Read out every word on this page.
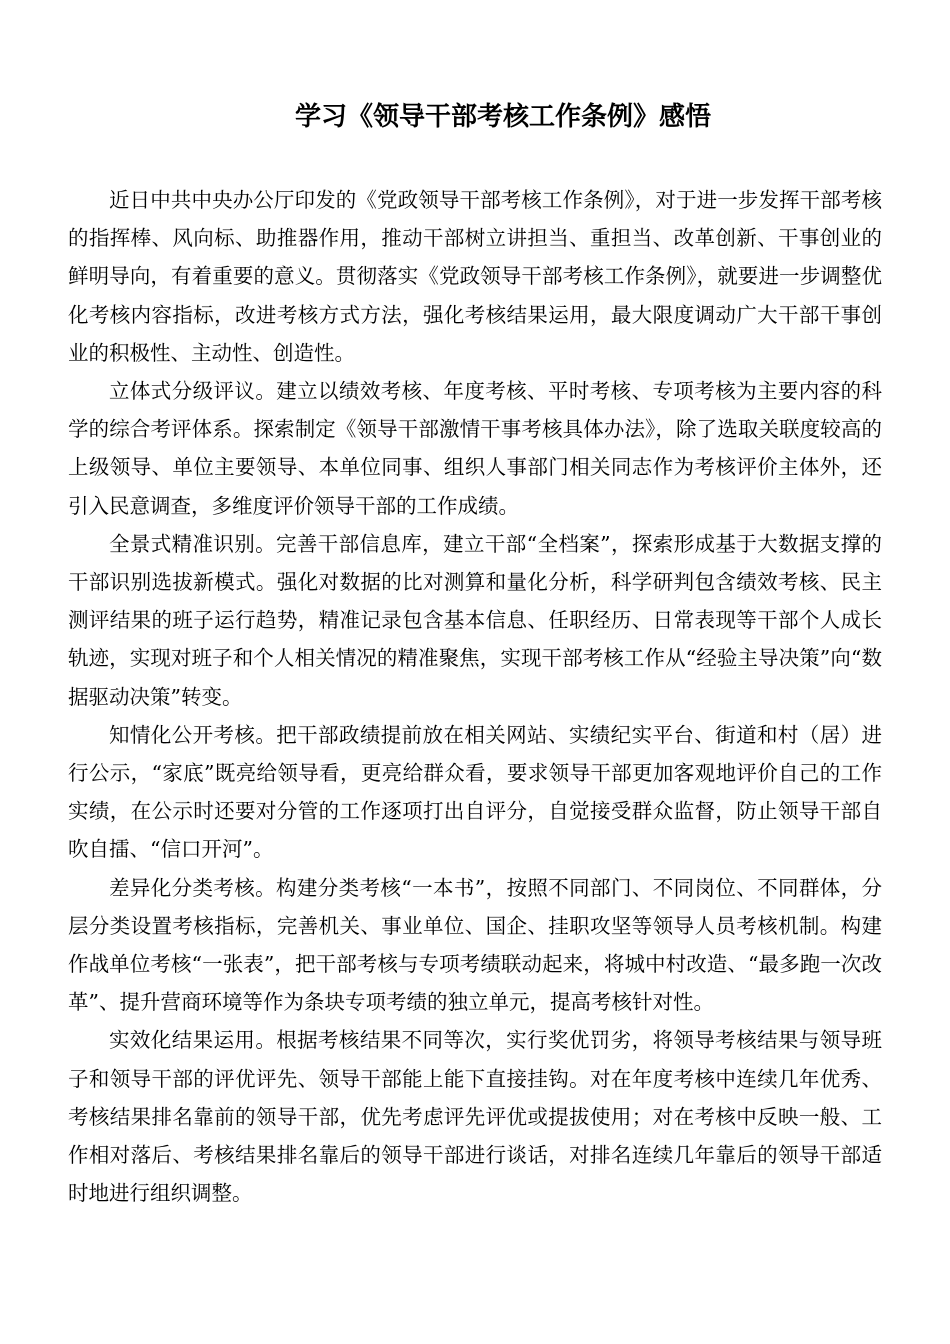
学习《领导干部考核工作条例》感悟

近日中共中央办公厅印发的《党政领导干部考核工作条例》，对于进一步发挥干部考核的指挥棒、风向标、助推器作用，推动干部树立讲担当、重担当、改革创新、干事创业的鲜明导向，有着重要的意义。贯彻落实《党政领导干部考核工作条例》，就要进一步调整优化考核内容指标，改进考核方式方法，强化考核结果运用，最大限度调动广大干部干事创业的积极性、主动性、创造性。

立体式分级评议。建立以绩效考核、年度考核、平时考核、专项考核为主要内容的科学的综合考评体系。探索制定《领导干部激情干事考核具体办法》，除了选取关联度较高的上级领导、单位主要领导、本单位同事、组织人事部门相关同志作为考核评价主体外，还引入民意调查，多维度评价领导干部的工作成绩。

全景式精准识别。完善干部信息库，建立干部“全档案”，探索形成基于大数据支撑的干部识别选拔新模式。强化对数据的比对测算和量化分析，科学研判包含绩效考核、民主测评结果的班子运行趋势，精准记录包含基本信息、任职经历、日常表现等干部个人成长轨迹，实现对班子和个人相关情况的精准聚焦，实现干部考核工作从“经验主导决策”向“数据驱动决策”转变。

知情化公开考核。把干部政绩提前放在相关网站、实绩纪实平台、街道和村（居）进行公示，“家底”既亮给领导看，更亮给群众看，要求领导干部更加客观地评价自己的工作实绩，在公示时还要对分管的工作逐项打出自评分，自觉接受群众监督，防止领导干部自吹自擂、“信口开河”。

差异化分类考核。构建分类考核“一本书”，按照不同部门、不同岗位、不同群体，分层分类设置考核指标，完善机关、事业单位、国企、挂职攻坚等领导人员考核机制。构建作战单位考核“一张表”，把干部考核与专项考绩联动起来，将城中村改造、“最多跑一次改革”、提升营商环境等作为条块专项考绩的独立单元，提高考核针对性。

实效化结果运用。根据考核结果不同等次，实行奖优罚劣，将领导考核结果与领导班子和领导干部的评优评先、领导干部能上能下直接挂钩。对在年度考核中连续几年优秀、考核结果排名靠前的领导干部，优先考虑评先评优或提拔使用；对在考核中反映一般、工作相对落后、考核结果排名靠后的领导干部进行谈话，对排名连续几年靠后的领导干部适时地进行组织调整。
